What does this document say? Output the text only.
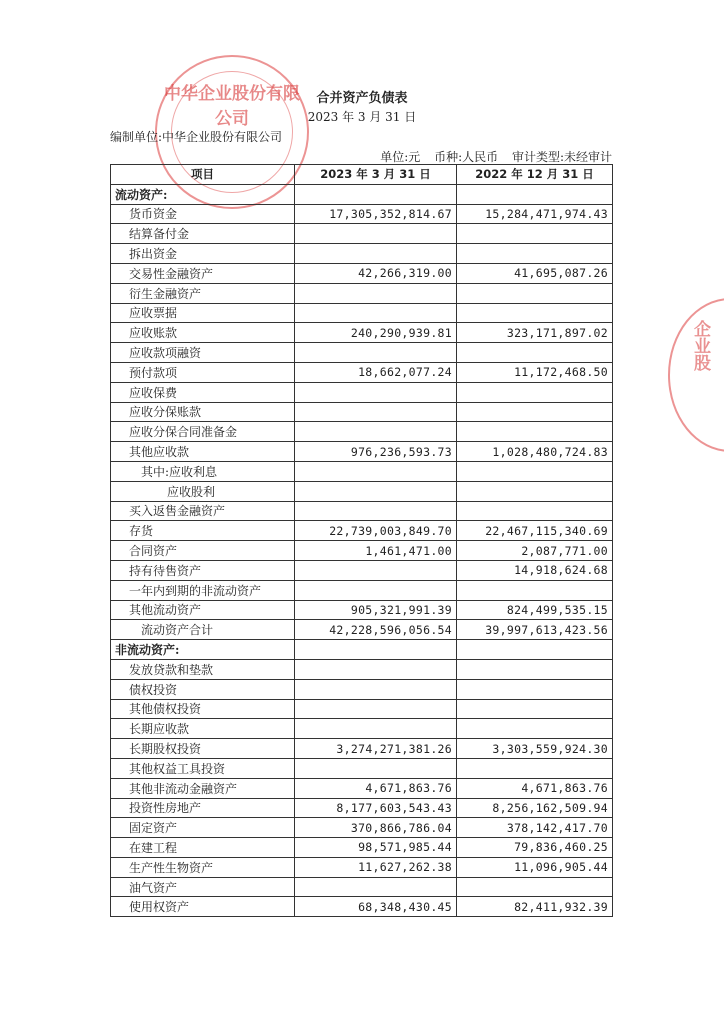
中华企业股份有限公司
企业股
合并资产负债表
2023 年 3 月 31 日
编制单位:中华企业股份有限公司
单位:元 币种:人民币 审计类型:未经审计
项目	2023 年 3 月 31 日	2022 年 12 月 31 日
流动资产:		
货币资金	17,305,352,814.67	15,284,471,974.43
结算备付金		
拆出资金		
交易性金融资产	42,266,319.00	41,695,087.26
衍生金融资产		
应收票据		
应收账款	240,290,939.81	323,171,897.02
应收款项融资		
预付款项	18,662,077.24	11,172,468.50
应收保费		
应收分保账款		
应收分保合同准备金		
其他应收款	976,236,593.73	1,028,480,724.83
其中:应收利息		
应收股利		
买入返售金融资产		
存货	22,739,003,849.70	22,467,115,340.69
合同资产	1,461,471.00	2,087,771.00
持有待售资产		14,918,624.68
一年内到期的非流动资产		
其他流动资产	905,321,991.39	824,499,535.15
流动资产合计	42,228,596,056.54	39,997,613,423.56
非流动资产:		
发放贷款和垫款		
债权投资		
其他债权投资		
长期应收款		
长期股权投资	3,274,271,381.26	3,303,559,924.30
其他权益工具投资		
其他非流动金融资产	4,671,863.76	4,671,863.76
投资性房地产	8,177,603,543.43	8,256,162,509.94
固定资产	370,866,786.04	378,142,417.70
在建工程	98,571,985.44	79,836,460.25
生产性生物资产	11,627,262.38	11,096,905.44
油气资产		
使用权资产	68,348,430.45	82,411,932.39
